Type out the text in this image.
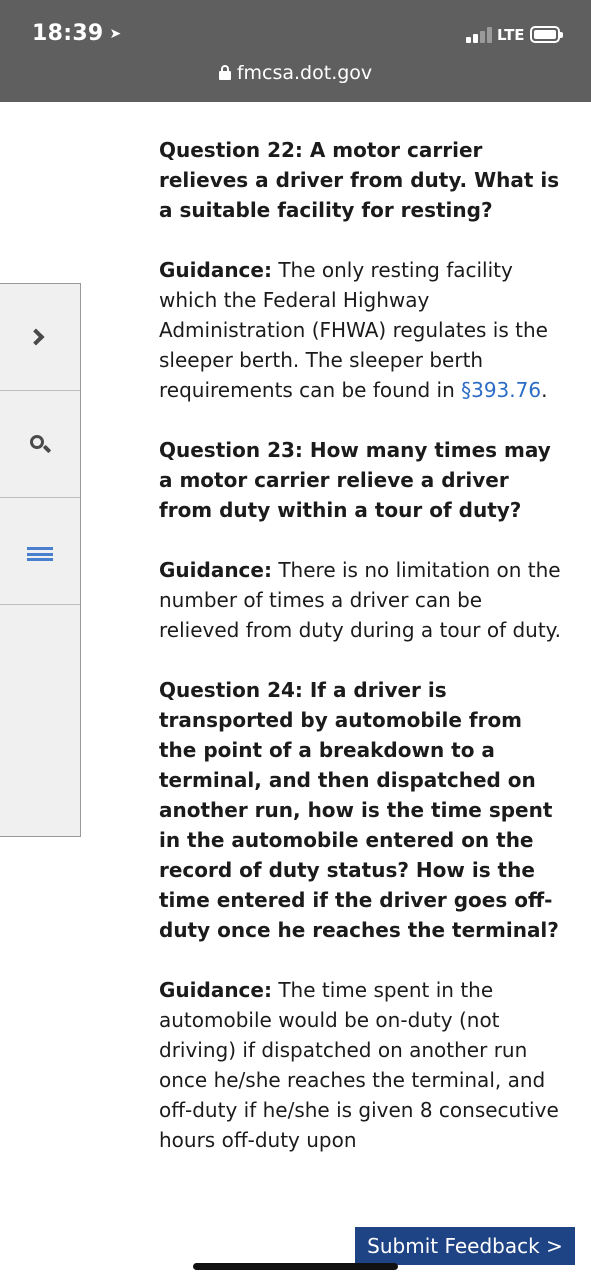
18:39 ➤	LTE
fmcsa.dot.gov

Question 22: A motor carrier relieves a driver from duty. What is a suitable facility for resting?

Guidance: The only resting facility which the Federal Highway Administration (FHWA) regulates is the sleeper berth. The sleeper berth requirements can be found in §393.76.

Question 23: How many times may a motor carrier relieve a driver from duty within a tour of duty?

Guidance: There is no limitation on the number of times a driver can be relieved from duty during a tour of duty.

Question 24: If a driver is transported by automobile from the point of a breakdown to a terminal, and then dispatched on another run, how is the time spent in the automobile entered on the record of duty status? How is the time entered if the driver goes off-duty once he reaches the terminal?

Guidance: The time spent in the automobile would be on-duty (not driving) if dispatched on another run once he/she reaches the terminal, and off-duty if he/she is given 8 consecutive hours off-duty upon

Submit Feedback >
